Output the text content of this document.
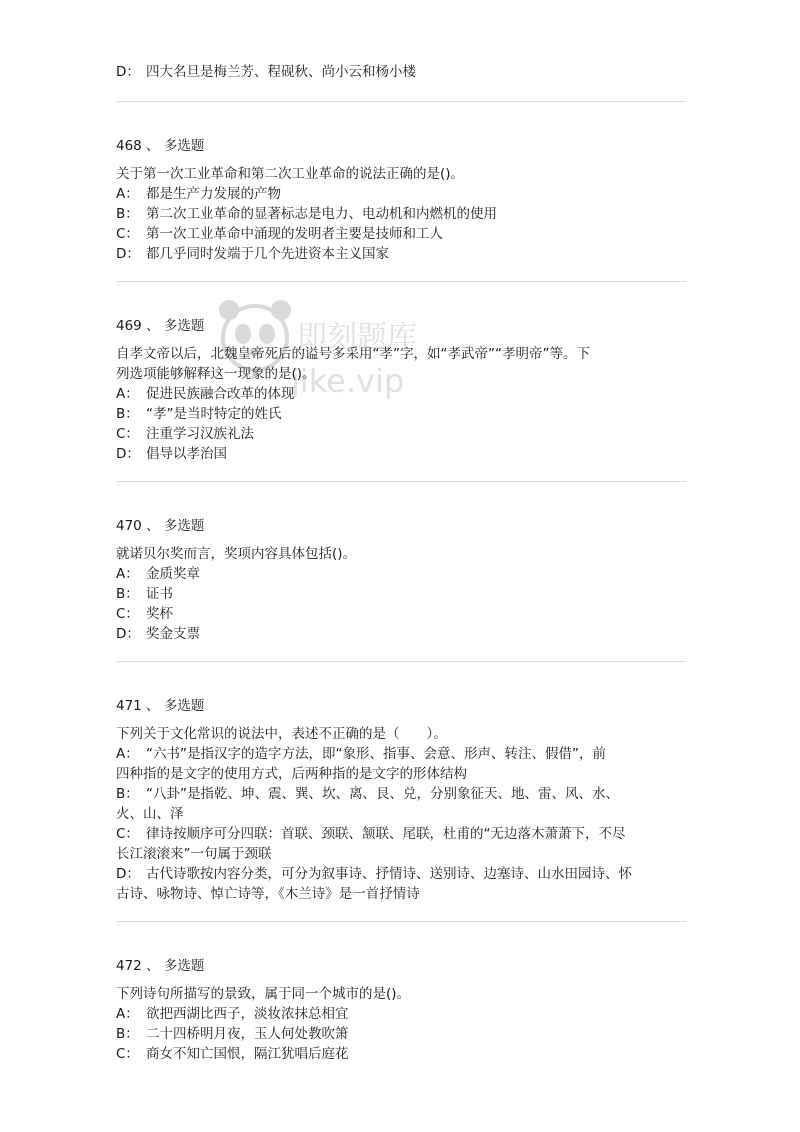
D： 四大名旦是梅兰芳、程砚秋、尚小云和杨小楼
468 、 多选题
关于第一次工业革命和第二次工业革命的说法正确的是()。
A： 都是生产力发展的产物
B： 第二次工业革命的显著标志是电力、电动机和内燃机的使用
C： 第一次工业革命中涌现的发明者主要是技师和工人
D： 都几乎同时发端于几个先进资本主义国家
469 、 多选题
自孝文帝以后，北魏皇帝死后的谥号多采用“孝”字，如“孝武帝”“孝明帝”等。下
列选项能够解释这一现象的是()。
A： 促进民族融合改革的体现
B： “孝”是当时特定的姓氏
C： 注重学习汉族礼法
D： 倡导以孝治国
470 、 多选题
就诺贝尔奖而言，奖项内容具体包括()。
A： 金质奖章
B： 证书
C： 奖杯
D： 奖金支票
471 、 多选题
下列关于文化常识的说法中，表述不正确的是（　　）。
A： “六书”是指汉字的造字方法，即“象形、指事、会意、形声、转注、假借”，前
四种指的是文字的使用方式，后两种指的是文字的形体结构
B： “八卦”是指乾、坤、震、巽、坎、离、艮、兑，分别象征天、地、雷、风、水、
火、山、泽
C： 律诗按顺序可分四联：首联、颈联、颔联、尾联，杜甫的“无边落木萧萧下，不尽
长江滚滚来”一句属于颈联
D： 古代诗歌按内容分类，可分为叙事诗、抒情诗、送别诗、边塞诗、山水田园诗、怀
古诗、咏物诗、悼亡诗等，《木兰诗》是一首抒情诗
472 、 多选题
下列诗句所描写的景致，属于同一个城市的是()。
A： 欲把西湖比西子，淡妆浓抹总相宜
B： 二十四桥明月夜，玉人何处教吹箫
C： 商女不知亡国恨，隔江犹唱后庭花
即刻题库
jike.vip
